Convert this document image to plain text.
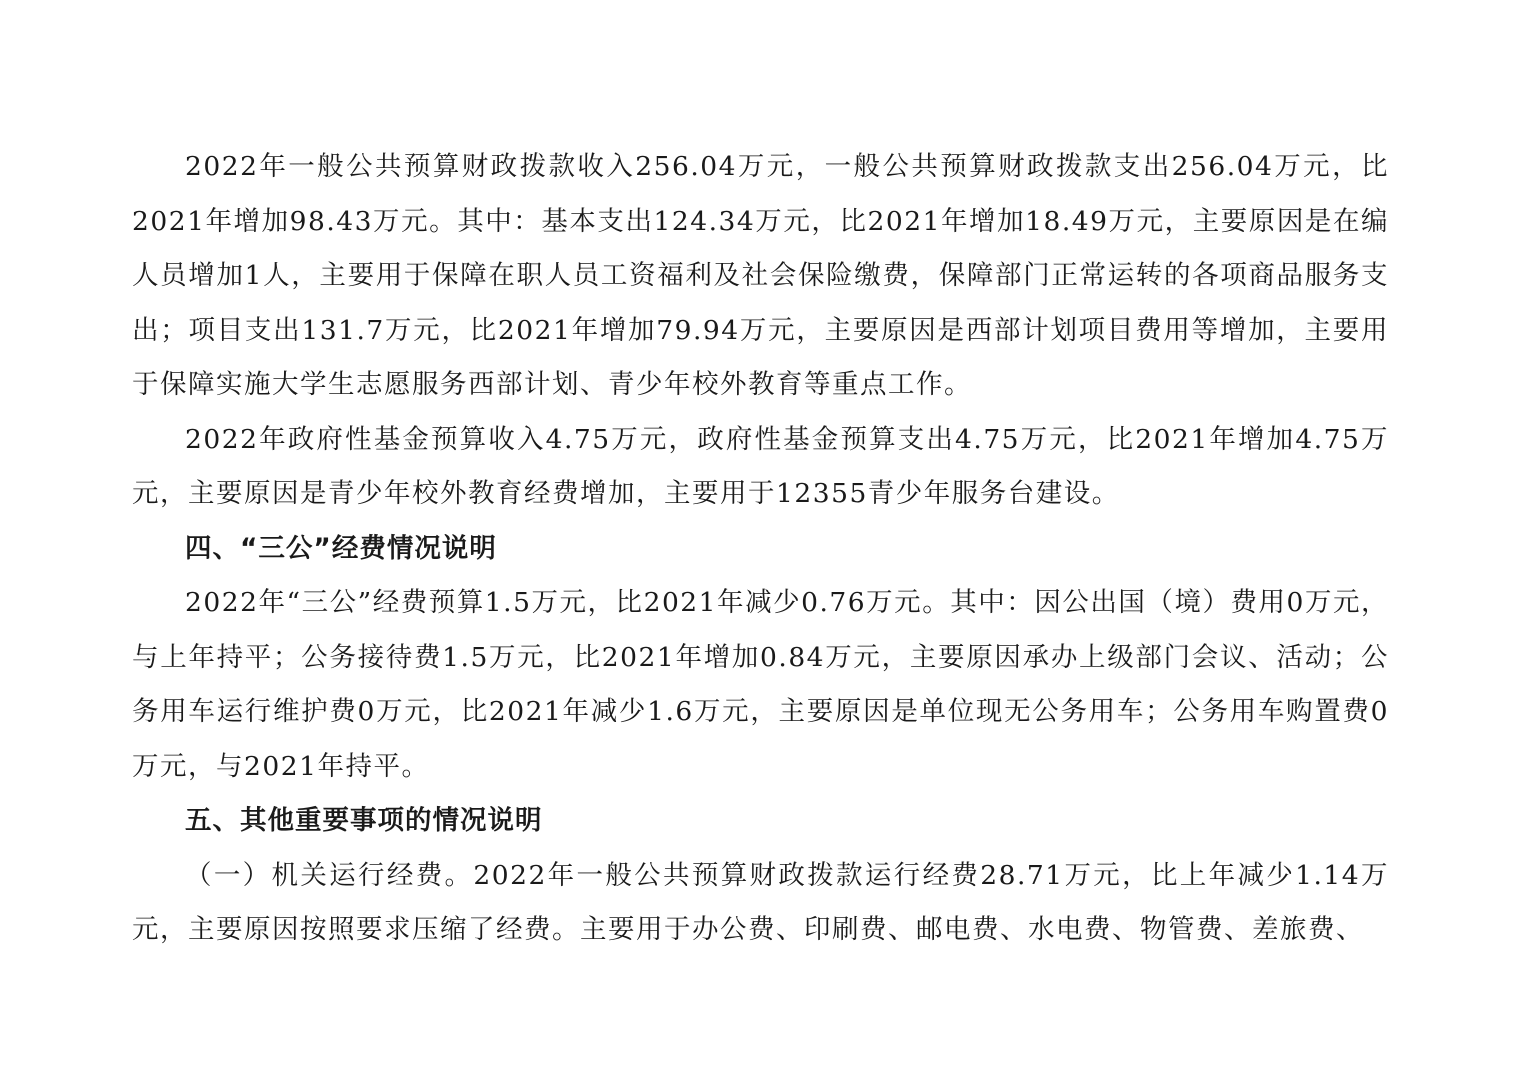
2022年一般公共预算财政拨款收入256.04万元，一般公共预算财政拨款支出256.04万元，比2021年增加98.43万元。其中：基本支出124.34万元，比2021年增加18.49万元，主要原因是在编人员增加1人，主要用于保障在职人员工资福利及社会保险缴费，保障部门正常运转的各项商品服务支出；项目支出131.7万元，比2021年增加79.94万元，主要原因是西部计划项目费用等增加，主要用于保障实施大学生志愿服务西部计划、青少年校外教育等重点工作。

2022年政府性基金预算收入4.75万元，政府性基金预算支出4.75万元，比2021年增加4.75万元，主要原因是青少年校外教育经费增加，主要用于12355青少年服务台建设。

四、“三公”经费情况说明

2022年“三公”经费预算1.5万元，比2021年减少0.76万元。其中：因公出国（境）费用0万元，与上年持平；公务接待费1.5万元，比2021年增加0.84万元，主要原因承办上级部门会议、活动；公务用车运行维护费0万元，比2021年减少1.6万元，主要原因是单位现无公务用车；公务用车购置费0万元，与2021年持平。

五、其他重要事项的情况说明

（一）机关运行经费。2022年一般公共预算财政拨款运行经费28.71万元，比上年减少1.14万元，主要原因按照要求压缩了经费。主要用于办公费、印刷费、邮电费、水电费、物管费、差旅费、
